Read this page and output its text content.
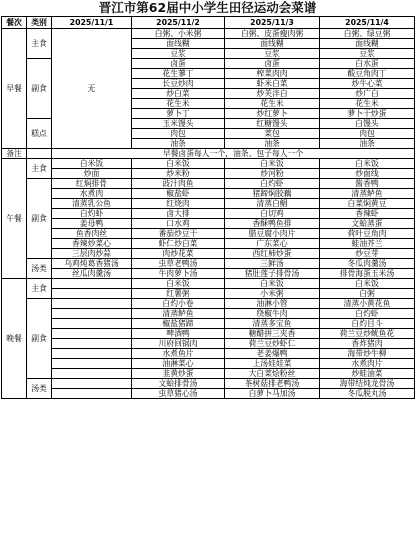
晋江市第62届中小学生田径运动会菜谱
餐次	类别	2025/11/1	2025/11/2	2025/11/3	2025/11/4
早餐	主食	无	白粥、小米粥	白粥、皮蛋瘦肉粥	白粥、绿豆粥
			面线糊	面线糊	面线糊
			豆浆	豆浆	豆浆
	副食		卤蛋	卤蛋	白水蛋
			花生蓼丁	榨菜肉肉	酸豆角肉丁
			长豆炒肉	虾米白菜	炒牛心菜
			炒白菜	炒芙泮白	炒广白
			花生米	花生米	花生米
			萝卜丁	炒红萝卜	萝卜干炒蛋
	糕点		玉米馒头	红糖馒头	白馒头
			肉包	菜包	肉包
			油条	油条	油条
备注		早餐卤蛋每人一个，油条、包子每人一个			
午餐	主食	白米饭	白米饭	白米饭	白米饭
		炒面	炒米粉	炒河粉	炒面线
	副食	红焖排骨	豉汁肉鱼	白灼虾	酱香鸭
		水煮肉	椒盐虾	猪蹄焖胶藕	清蒸鲈鱼
		清蒸乳公鱼	红烧肉	清蒸白鲳	白菜焖黄豆
		白灼虾	卤大排	白切鸡	香辣虾
		姜母鸭	口水鸡	香酥鸭鱼排	文蛤蒸蛋
		鱼香肉丝	番茄炒豆干	腊豆腐小肉片	荷叶豆角肉
		香辣炒菜心	虾仁炒白菜	广东菜心	蛙油芥兰
		三层肉炒蒜	肉炒花菜	西红柿炒蛋	炒豆芽
	汤类	乌鸡炖葛香猪汤	虫草老鸭汤	三鲜汤	冬瓜肉羹汤
		丝瓜肉羹汤	牛肉萝卜汤	猪肚莲子排骨汤	排骨海蛋玉米汤
晚餐	主食		白米饭	白米饭	白米饭
			红薯粥	小米粥	白粥
	副食		白灼小卷	油淋小管	清蒸小黄花鱼
			清蒸鲈鱼	绕椒牛肉	白灼虾
			椒盐猪蹄	清蒸多宝鱼	白灼目斗
			啤酒鸭	糖醋拼三夹香	荷兰豆炒鱿鱼花
			川府回锅肉	荷兰豆炒虾仁	香炸猪肉
			水煮鱼片	老姜爆鸭	海带炒牛柳
			油淋菜心	上汤娃娃菜	水煮肉片
			韭黄炒蛋	大白菜烩粉丝	炒蛙油菜
	汤类		文蛤排骨汤	茶树菇排老鸭汤	海带结炖龙骨汤
			虫草猪心汤	白萝卜马加汤	冬瓜脱丸汤
